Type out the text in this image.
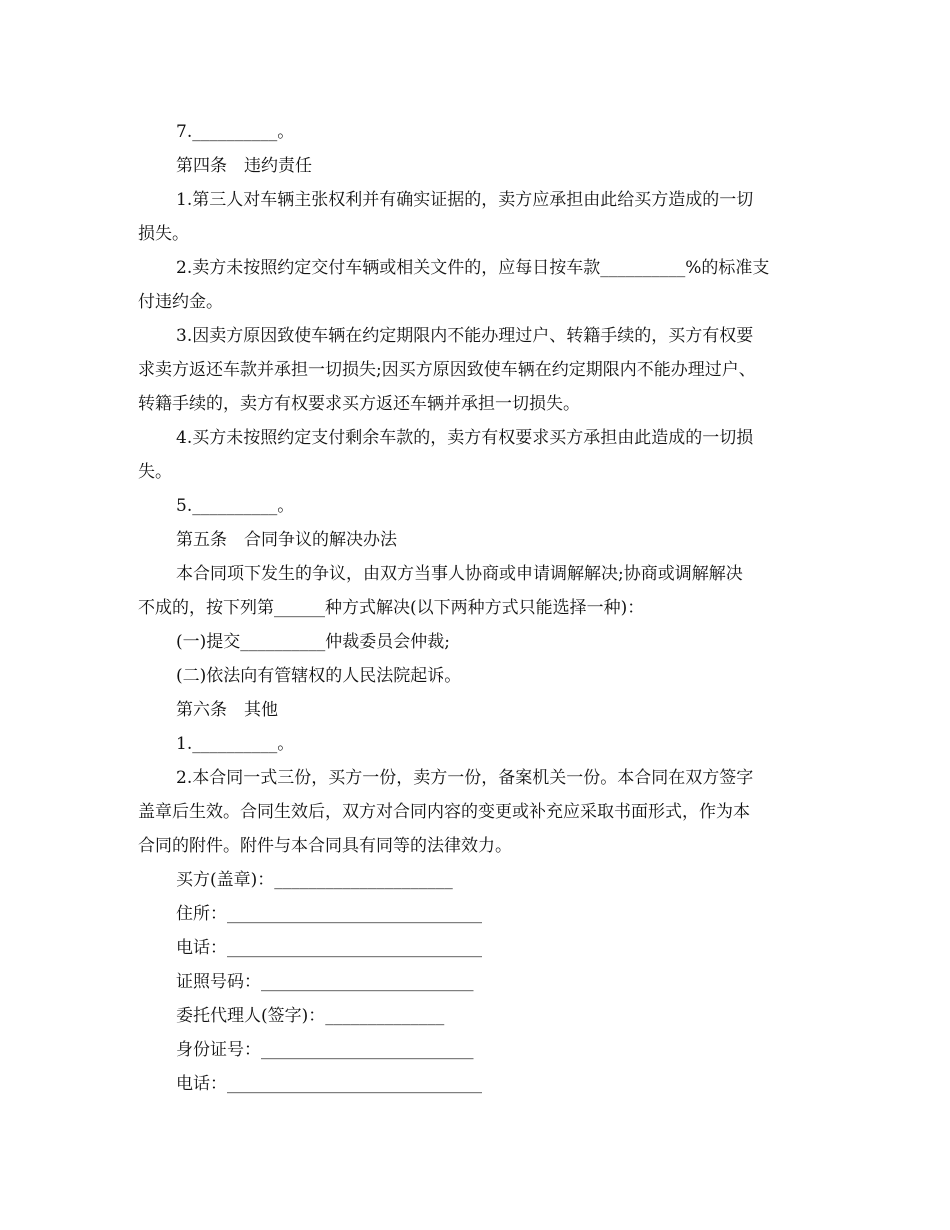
7.__________。

第四条　违约责任

1.第三人对车辆主张权利并有确实证据的，卖方应承担由此给买方造成的一切

损失。

2.卖方未按照约定交付车辆或相关文件的，应每日按车款__________%的标准支

付违约金。

3.因卖方原因致使车辆在约定期限内不能办理过户、转籍手续的，买方有权要

求卖方返还车款并承担一切损失;因买方原因致使车辆在约定期限内不能办理过户、

转籍手续的，卖方有权要求买方返还车辆并承担一切损失。

4.买方未按照约定支付剩余车款的，卖方有权要求买方承担由此造成的一切损

失。

5.__________。

第五条　合同争议的解决办法

本合同项下发生的争议，由双方当事人协商或申请调解解决;协商或调解解决

不成的，按下列第______种方式解决(以下两种方式只能选择一种)：

(一)提交__________仲裁委员会仲裁;

(二)依法向有管辖权的人民法院起诉。

第六条　其他

1.__________。

2.本合同一式三份，买方一份，卖方一份，备案机关一份。本合同在双方签字

盖章后生效。合同生效后，双方对合同内容的变更或补充应采取书面形式，作为本

合同的附件。附件与本合同具有同等的法律效力。

买方(盖章)：_____________________

住所：______________________________

电话：______________________________

证照号码：_________________________

委托代理人(签字)：______________

身份证号：_________________________

电话：______________________________
